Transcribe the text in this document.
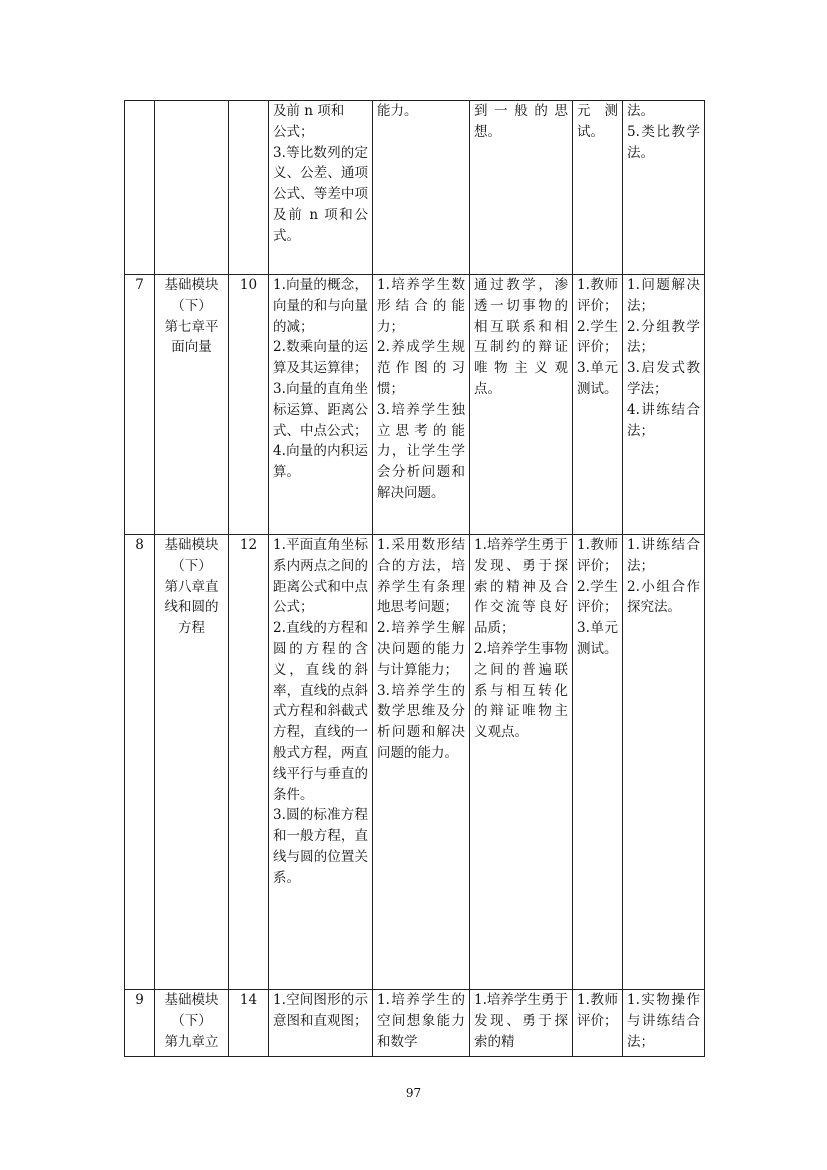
			及前 n 项和
公式；
3.等比数列的定义、公差、通项公式、等差中项及前 n 项和公式。	能力。	到一般的思想。	元测试。	法。
5.类比教学法。
7	基础模块
（下）
第七章平面向量	10	1.向量的概念，向量的和与向量的减；
2.数乘向量的运算及其运算律；
3.向量的直角坐标运算、距离公式、中点公式；
4.向量的内积运算。	1.培养学生数形结合的能力；
2.养成学生规范作图的习惯；
3.培养学生独立思考的能力，让学生学会分析问题和解决问题。	通过教学，渗透一切事物的相互联系和相互制约的辩证唯物主义观点。	1.教师评价；
2.学生评价；
3.单元测试。	1.问题解决法；
2.分组教学法；
3.启发式教学法；
4.讲练结合法；
8	基础模块
（下）
第八章直线和圆的方程	12	1.平面直角坐标系内两点之间的距离公式和中点公式；
2.直线的方程和圆的方程的含义，直线的斜率，直线的点斜式方程和斜截式方程，直线的一般式方程，两直线平行与垂直的条件。
3.圆的标准方程和一般方程，直线与圆的位置关系。	1.采用数形结合的方法，培养学生有条理地思考问题；
2.培养学生解决问题的能力与计算能力；
3.培养学生的数学思维及分析问题和解决问题的能力。	1.培养学生勇于发现、勇于探索的精神及合作交流等良好品质；
2.培养学生事物之间的普遍联系与相互转化的辩证唯物主义观点。	1.教师评价；
2.学生评价；
3.单元测试。	1.讲练结合法；
2.小组合作探究法。
9	基础模块
（下）
第九章立	14	1.空间图形的示意图和直观图；	1.培养学生的空间想象能力和数学	1.培养学生勇于发现、勇于探索的精	1.教师评价；	1.实物操作与讲练结合法；
97
